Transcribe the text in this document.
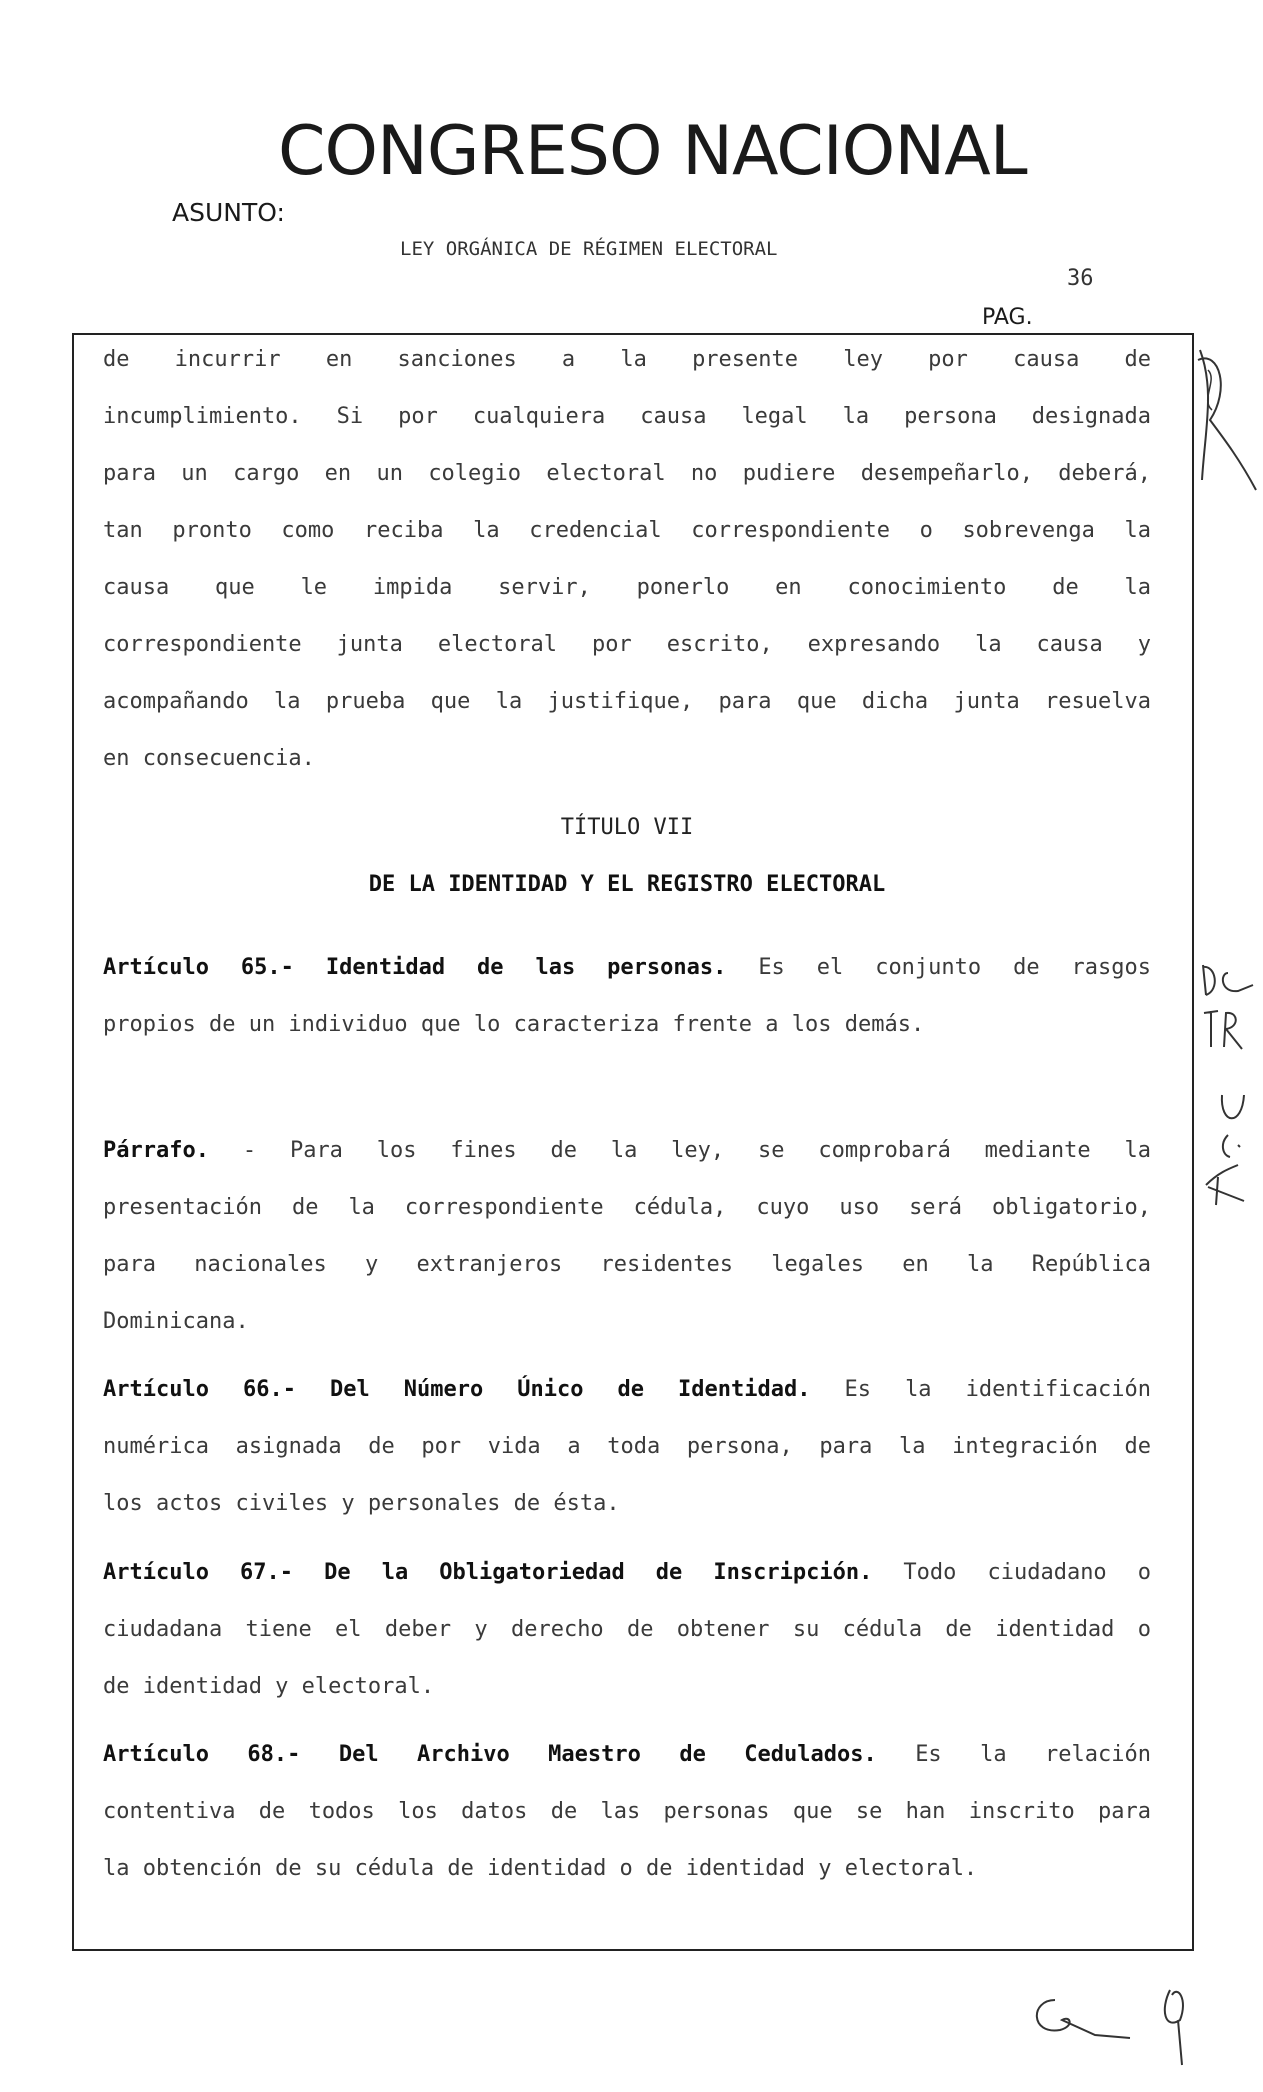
CONGRESO NACIONAL
ASUNTO:
LEY ORGÁNICA DE RÉGIMEN ELECTORAL
36
PAG.
de incurrir en sanciones a la presente ley por causa de
incumplimiento. Si por cualquiera causa legal la persona designada
para un cargo en un colegio electoral no pudiere desempeñarlo, deberá,
tan pronto como reciba la credencial correspondiente o sobrevenga la
causa que le impida servir, ponerlo en conocimiento de la
correspondiente junta electoral por escrito, expresando la causa y
acompañando la prueba que la justifique, para que dicha junta resuelva
en consecuencia.
TÍTULO VII
DE LA IDENTIDAD Y EL REGISTRO ELECTORAL
Artículo 65.- Identidad de las personas. Es el conjunto de rasgos
propios de un individuo que lo caracteriza frente a los demás.
Párrafo. - Para los fines de la ley, se comprobará mediante la
presentación de la correspondiente cédula, cuyo uso será obligatorio,
para nacionales y extranjeros residentes legales en la República
Dominicana.
Artículo 66.- Del Número Único de Identidad. Es la identificación
numérica asignada de por vida a toda persona, para la integración de
los actos civiles y personales de ésta.
Artículo 67.- De la Obligatoriedad de Inscripción. Todo ciudadano o
ciudadana tiene el deber y derecho de obtener su cédula de identidad o
de identidad y electoral.
Artículo 68.- Del Archivo Maestro de Cedulados. Es la relación
contentiva de todos los datos de las personas que se han inscrito para
la obtención de su cédula de identidad o de identidad y electoral.
